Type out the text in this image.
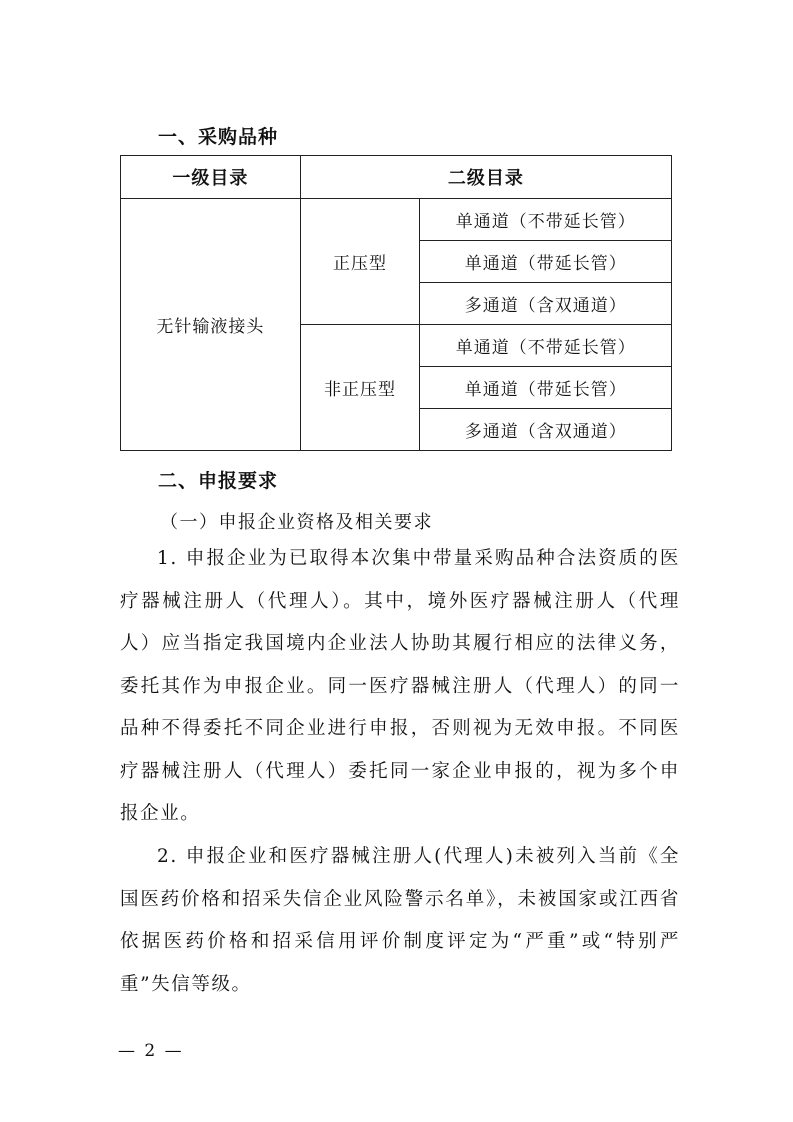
一、采购品种
一级目录	二级目录	
无针输液接头	正压型	单通道（不带延长管）
		单通道（带延长管）
		多通道（含双通道）
	非正压型	单通道（不带延长管）
		单通道（带延长管）
		多通道（含双通道）
二、申报要求
（一）申报企业资格及相关要求

1. 申报企业为已取得本次集中带量采购品种合法资质的医疗器械注册人（代理人）。其中，境外医疗器械注册人（代理人）应当指定我国境内企业法人协助其履行相应的法律义务，委托其作为申报企业。同一医疗器械注册人（代理人）的同一品种不得委托不同企业进行申报，否则视为无效申报。不同医疗器械注册人（代理人）委托同一家企业申报的，视为多个申报企业。

2. 申报企业和医疗器械注册人(代理人)未被列入当前《全国医药价格和招采失信企业风险警示名单》，未被国家或江西省依据医药价格和招采信用评价制度评定为“严重”或“特别严重”失信等级。

— 2 —
